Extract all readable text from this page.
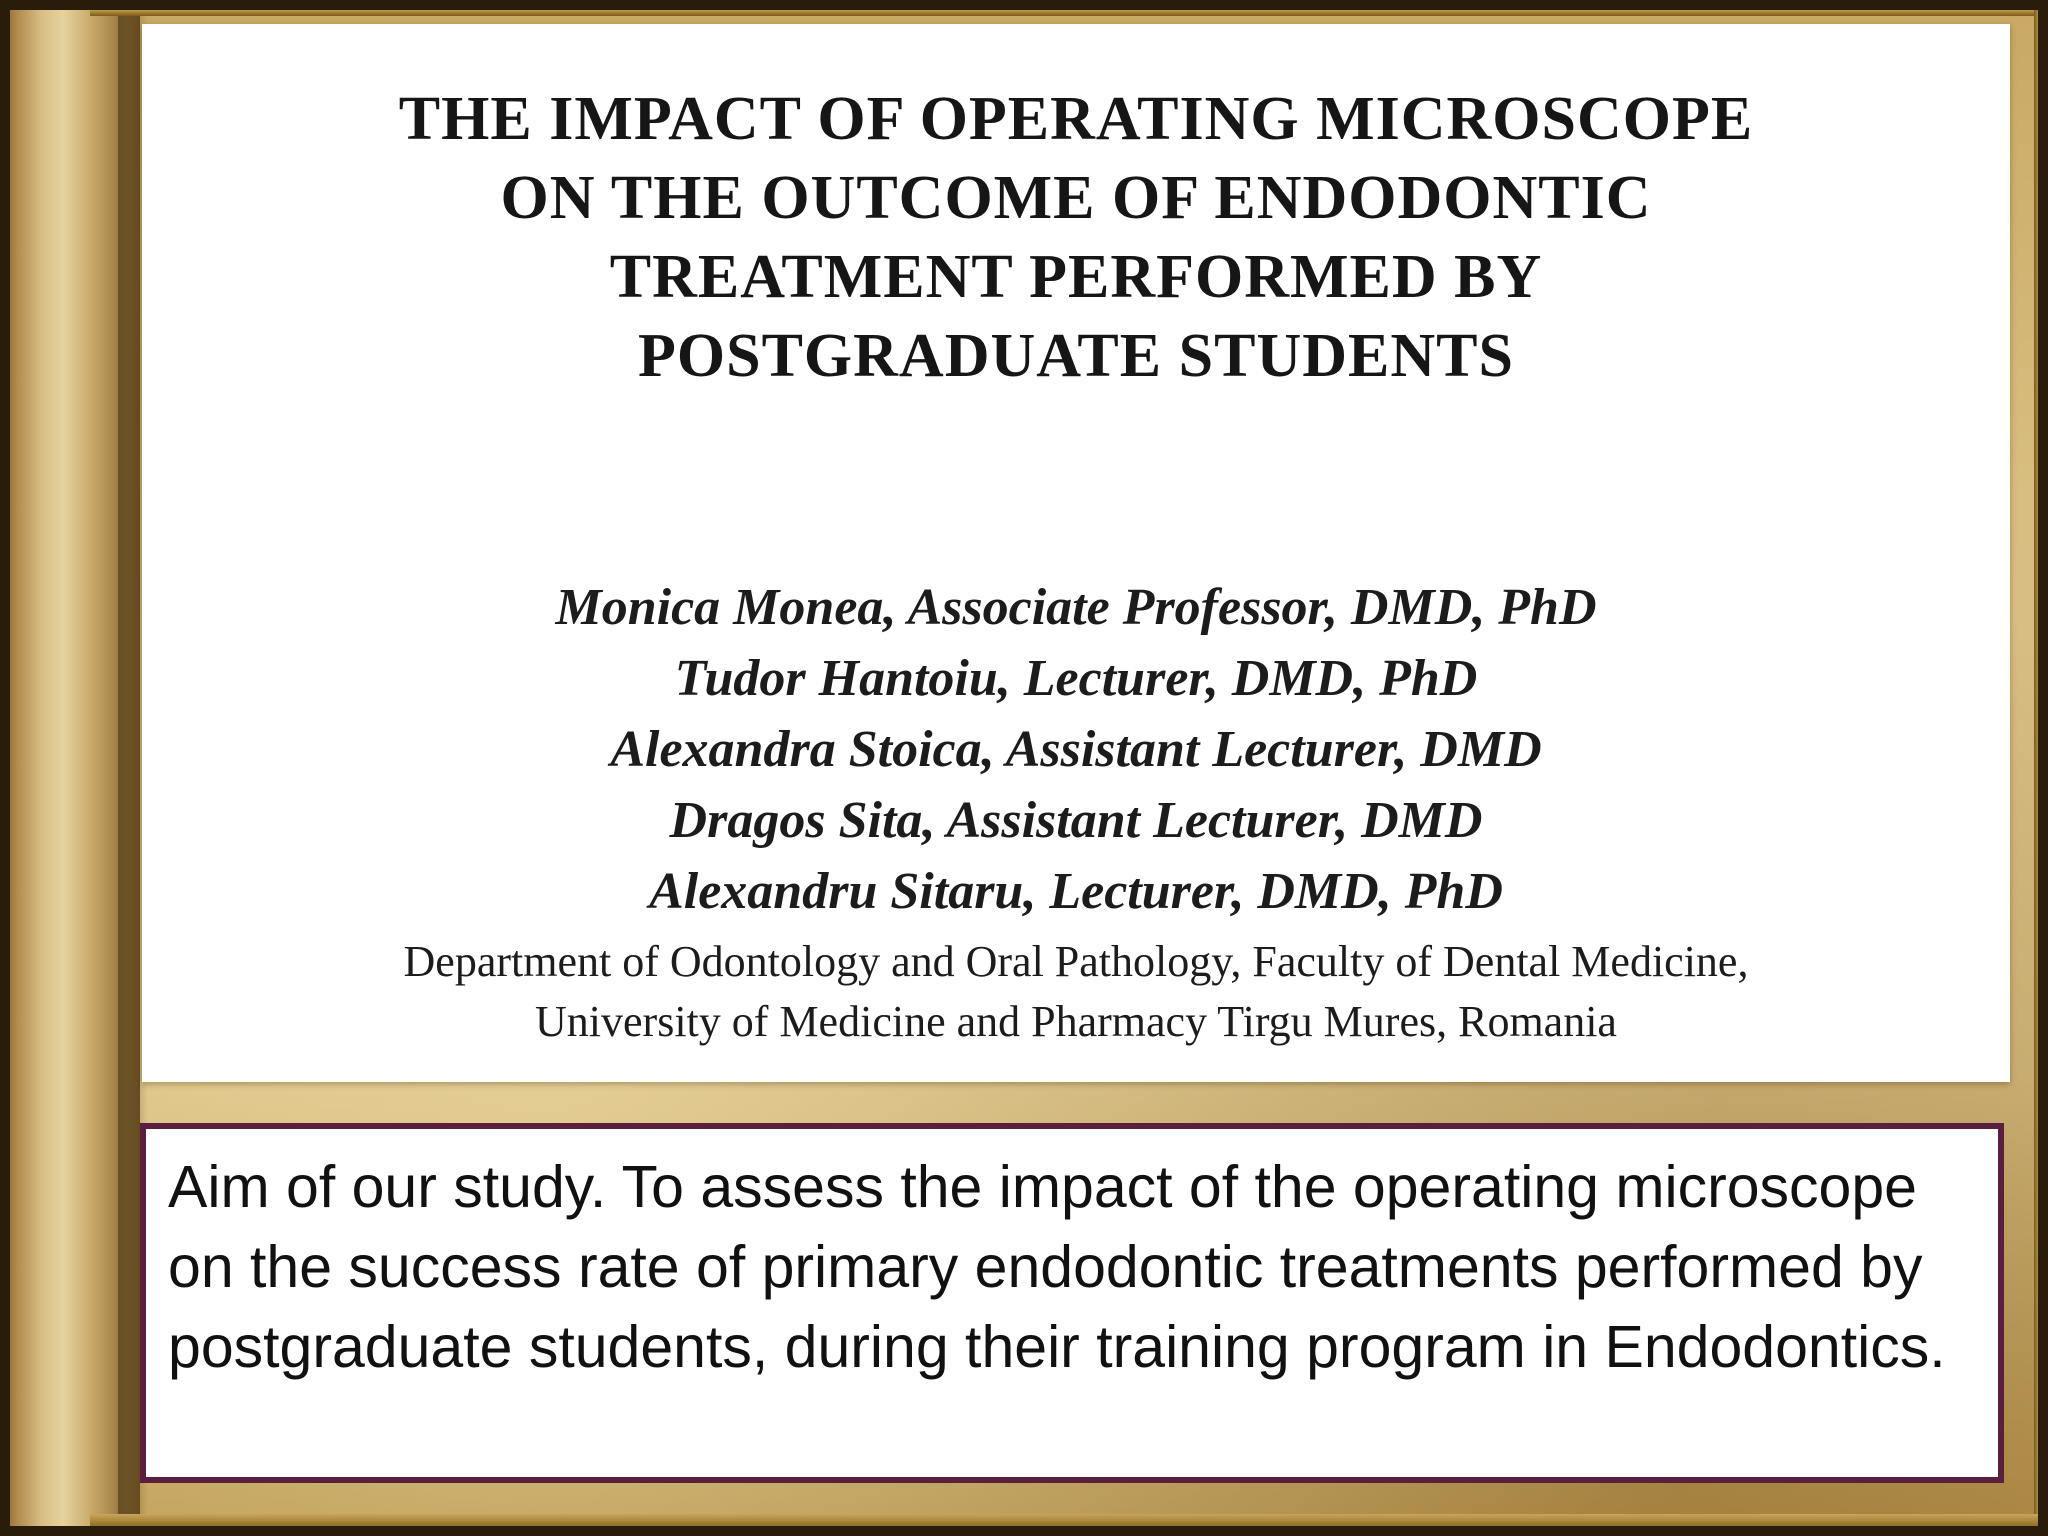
THE IMPACT OF OPERATING MICROSCOPE
ON THE OUTCOME OF ENDODONTIC
TREATMENT PERFORMED BY
POSTGRADUATE STUDENTS
Monica Monea, Associate Professor, DMD, PhD
Tudor Hantoiu, Lecturer, DMD, PhD
Alexandra Stoica, Assistant Lecturer, DMD
Dragos Sita, Assistant Lecturer, DMD
Alexandru Sitaru, Lecturer, DMD, PhD
Department of Odontology and Oral Pathology, Faculty of Dental Medicine,
University of Medicine and Pharmacy Tirgu Mures, Romania
Aim of our study. To assess the impact of the operating microscope on the success rate of primary endodontic treatments performed by postgraduate students, during their training program in Endodontics.
